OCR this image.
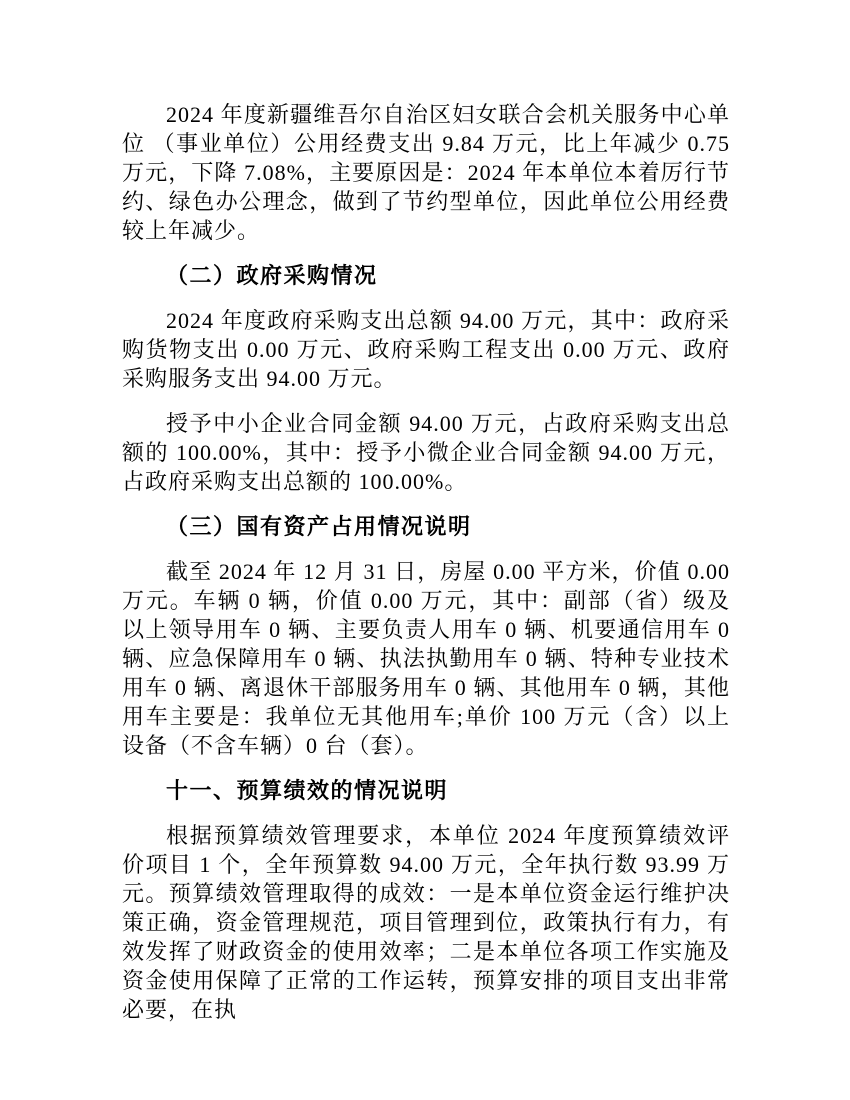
2024 年度新疆维吾尔自治区妇女联合会机关服务中心单位 （事业单位）公用经费支出 9.84 万元，比上年减少 0.75 万元，下降 7.08%，主要原因是：2024 年本单位本着厉行节约、绿色办公理念，做到了节约型单位，因此单位公用经费较上年减少。

（二）政府采购情况

2024 年度政府采购支出总额 94.00 万元，其中：政府采购货物支出 0.00 万元、政府采购工程支出 0.00 万元、政府采购服务支出 94.00 万元。

授予中小企业合同金额 94.00 万元，占政府采购支出总额的 100.00%，其中：授予小微企业合同金额 94.00 万元，占政府采购支出总额的 100.00%。

（三）国有资产占用情况说明

截至 2024 年 12 月 31 日，房屋 0.00 平方米，价值 0.00 万元。车辆 0 辆，价值 0.00 万元，其中：副部（省）级及以上领导用车 0 辆、主要负责人用车 0 辆、机要通信用车 0 辆、应急保障用车 0 辆、执法执勤用车 0 辆、特种专业技术用车 0 辆、离退休干部服务用车 0 辆、其他用车 0 辆，其他用车主要是：我单位无其他用车;单价 100 万元（含）以上设备（不含车辆）0 台（套）。

十一、预算绩效的情况说明

根据预算绩效管理要求，本单位 2024 年度预算绩效评价项目 1 个，全年预算数 94.00 万元，全年执行数 93.99 万元。预算绩效管理取得的成效：一是本单位资金运行维护决策正确，资金管理规范，项目管理到位，政策执行有力，有效发挥了财政资金的使用效率；二是本单位各项工作实施及资金使用保障了正常的工作运转，预算安排的项目支出非常必要，在执
